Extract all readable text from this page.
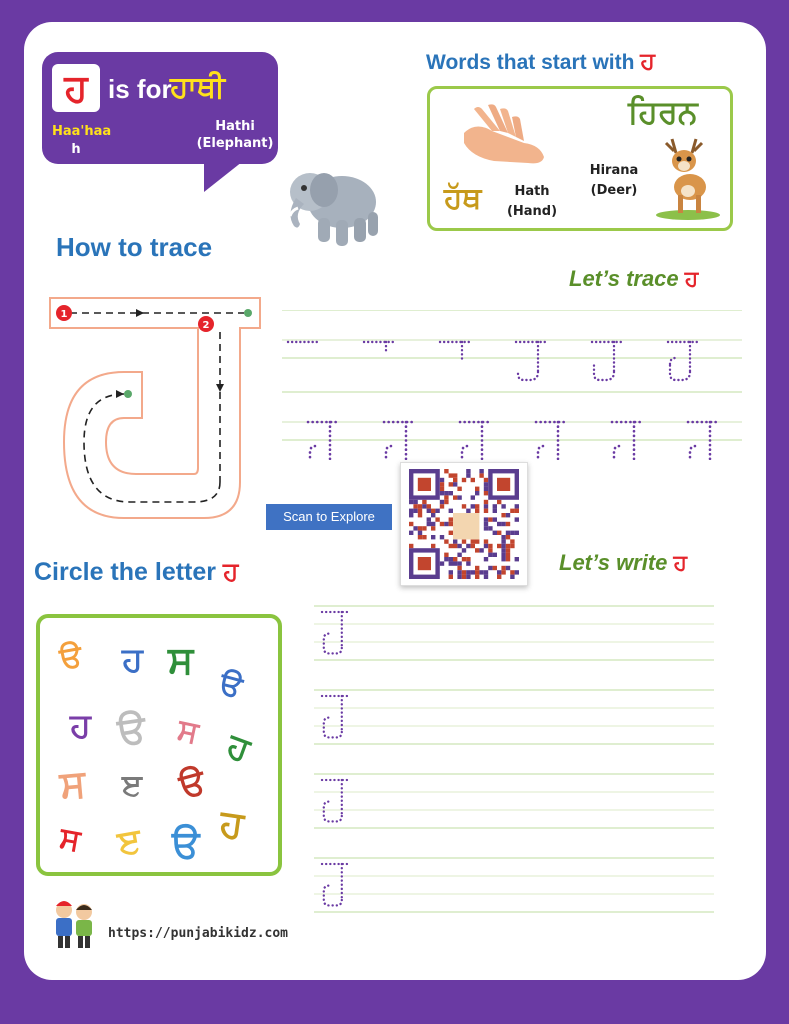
ਹ is for
ਹਾਥੀ
Haa'haa
h
Hathi
(Elephant)
Words that start with ਹ
ਹੱਥ	Hath
(Hand)
ਹਿਰਨ
Hirana
(Deer)
How to trace
1
2
Let’s trace ਹ
Scan to Explore
Let’s write ਹ
Circle the letter ਹ
ੳ ਹ ਸ
ੳ
ਹ ੳ ਸ ਹ
ਸ ੲ ੳ
ਹ
ਸ ੲ ੳ
https://punjabikidz.com
